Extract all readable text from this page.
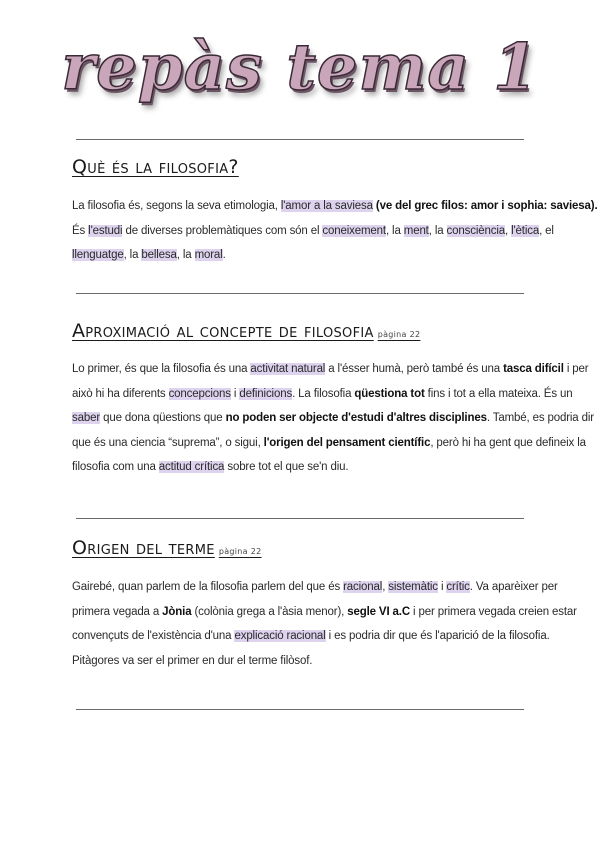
repàs tema 1
Què és la filosofia?
La filosofia és, segons la seva etimologia, l'amor a la saviesa (ve del grec filos: amor i sophia: saviesa).
És l'estudi de diverses problemàtiques com són el coneixement, la ment, la consciència, l'ètica, el
llenguatge, la bellesa, la moral.
Aproximació al concepte de filosofia pàgina 22
Lo primer, és que la filosofia és una activitat natural a l'ésser humà, però també és una tasca difícil i per
això hi ha diferents concepcions i definicions. La filosofia qüestiona tot fins i tot a ella mateixa. És un
saber que dona qüestions que no poden ser objecte d'estudi d'altres disciplines. També, es podria dir
que és una ciencia “suprema”, o sigui, l'origen del pensament científic, però hi ha gent que defineix la
filosofia com una actitud crítica sobre tot el que se'n diu.
Origen del terme pàgina 22
Gairebé, quan parlem de la filosofia parlem del que és racional, sistemàtic i crític. Va aparèixer per
primera vegada a Jònia (colònia grega a l'àsia menor), segle VI a.C i per primera vegada creien estar
convençuts de l'existència d'una explicació racional i es podria dir que és l'aparició de la filosofia.
Pitàgores va ser el primer en dur el terme filòsof.
